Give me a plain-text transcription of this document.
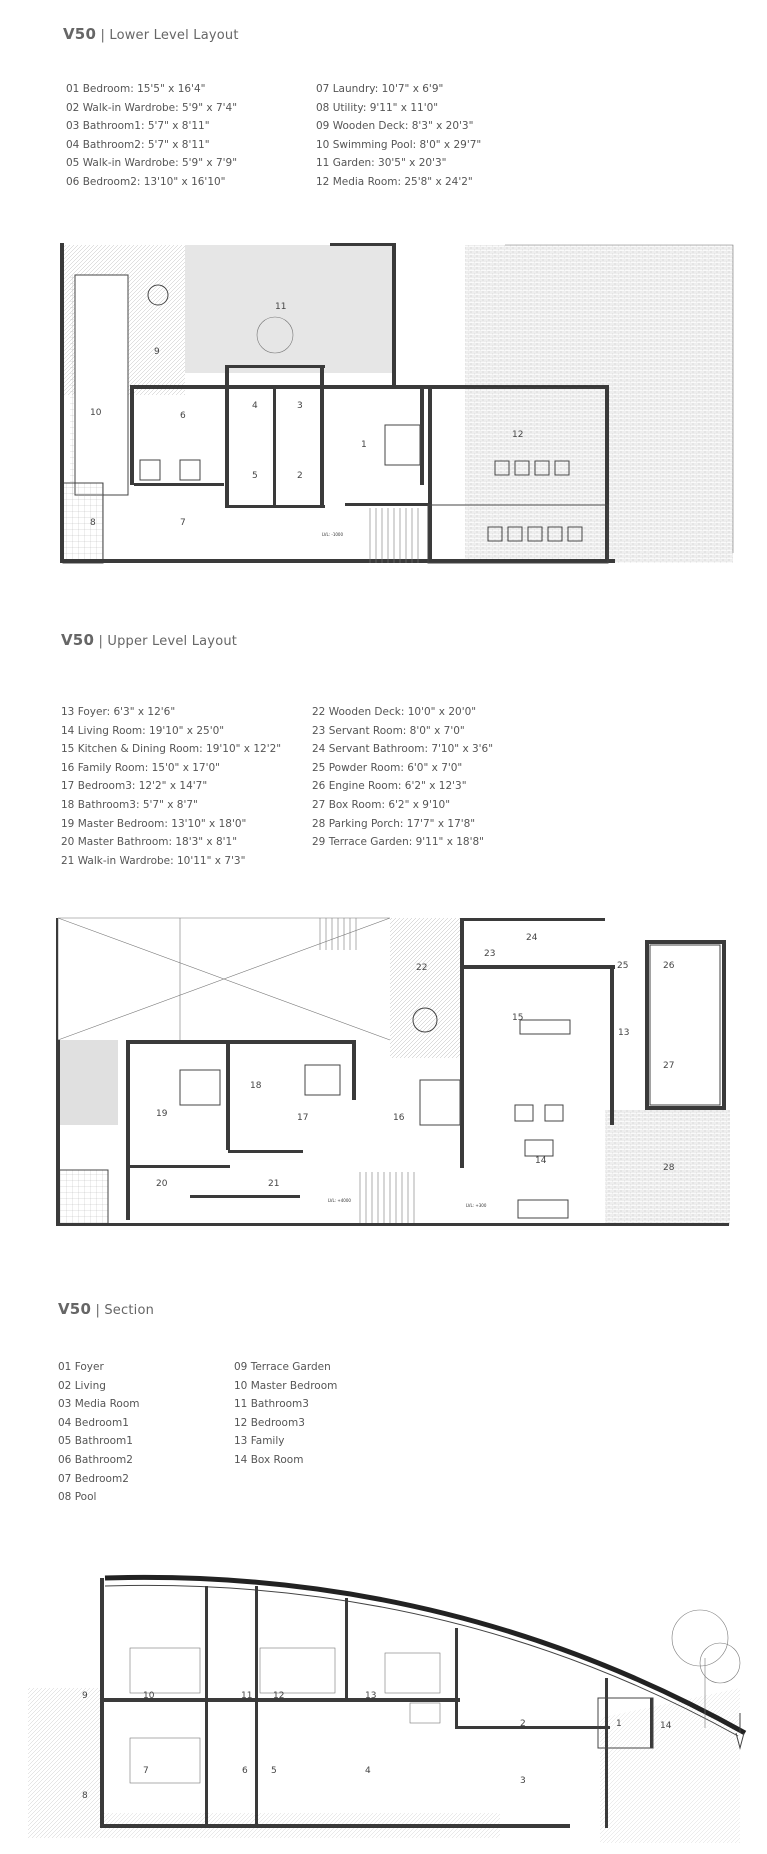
V50 | Lower Level Layout
01 Bedroom: 15'5" x 16'4"
02 Walk-in Wardrobe: 5'9" x 7'4"
03 Bathroom1: 5'7" x 8'11"
04 Bathroom2: 5'7" x 8'11"
05 Walk-in Wardrobe: 5'9" x 7'9"
06 Bedroom2: 13'10" x 16'10"
07 Laundry: 10'7" x 6'9"
08 Utility: 9'11" x 11'0"
09 Wooden Deck: 8'3" x 20'3"
10 Swimming Pool: 8'0" x 29'7"
11 Garden: 30'5" x 20'3"
12 Media Room: 25'8" x 24'2"
1
2
3
4
5
6
7
8
9
10
11
12
LVL: -1000
V50 | Upper Level Layout
13 Foyer: 6'3" x 12'6"
14 Living Room: 19'10" x 25'0"
15 Kitchen & Dining Room: 19'10" x 12'2"
16 Family Room: 15'0" x 17'0"
17 Bedroom3: 12'2" x 14'7"
18 Bathroom3: 5'7" x 8'7"
19 Master Bedroom: 13'10" x 18'0"
20 Master Bathroom: 18'3" x 8'1"
21 Walk-in Wardrobe: 10'11" x 7'3"
22 Wooden Deck: 10'0" x 20'0"
23 Servant Room: 8'0" x 7'0"
24 Servant Bathroom: 7'10" x 3'6"
25 Powder Room: 6'0" x 7'0"
26 Engine Room: 6'2" x 12'3"
27 Box Room: 6'2" x 9'10"
28 Parking Porch: 17'7" x 17'8"
29 Terrace Garden: 9'11" x 18'8"
13
14
15
16
17
18
19
20	21
22
23
24
25	26
27
28
LVL: +4000
LVL: +300
V50 | Section
01 Foyer
02 Living
03 Media Room
04 Bedroom1
05 Bathroom1
06 Bathroom2
07 Bedroom2
08 Pool
09 Terrace Garden
10 Master Bedroom
11 Bathroom3
12 Bedroom3
13 Family
14 Box Room
1
2
3
4
5
6
7
8
9	10	11 12	13
14
